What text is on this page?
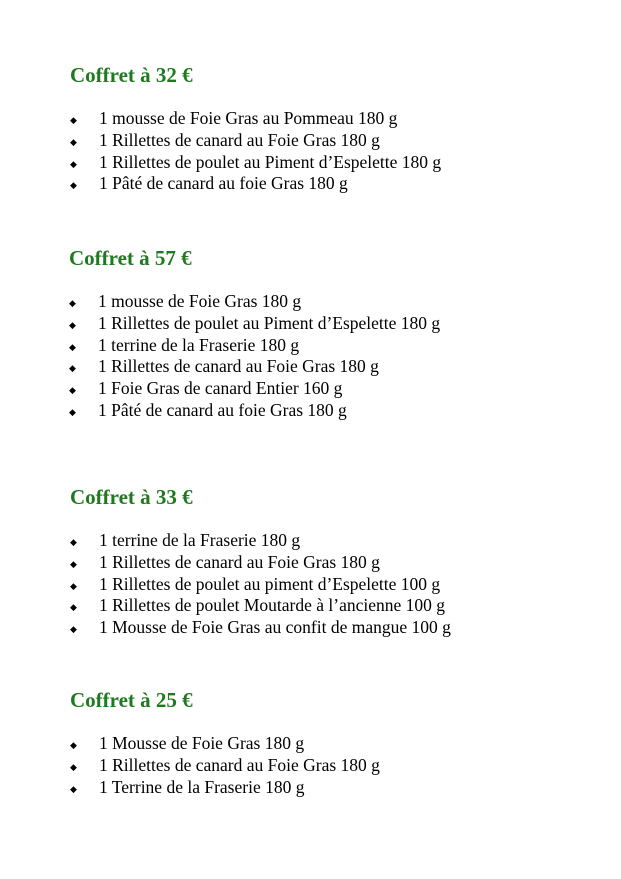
Coffret à 32 €
◆ 1 mousse de Foie Gras au Pommeau 180 g
◆ 1 Rillettes de canard au Foie Gras 180 g
◆ 1 Rillettes de poulet au Piment d’Espelette 180 g
◆ 1 Pâté de canard au foie Gras 180 g
Coffret à 57 €
◆ 1 mousse de Foie Gras 180 g
◆ 1 Rillettes de poulet au Piment d’Espelette 180 g
◆ 1 terrine de la Fraserie 180 g
◆ 1 Rillettes de canard au Foie Gras 180 g
◆ 1 Foie Gras de canard Entier 160 g
◆ 1 Pâté de canard au foie Gras 180 g
Coffret à 33 €
◆ 1 terrine de la Fraserie 180 g
◆ 1 Rillettes de canard au Foie Gras 180 g
◆ 1 Rillettes de poulet au piment d’Espelette 100 g
◆ 1 Rillettes de poulet Moutarde à l’ancienne 100 g
◆ 1 Mousse de Foie Gras au confit de mangue 100 g
Coffret à 25 €
◆ 1 Mousse de Foie Gras 180 g
◆ 1 Rillettes de canard au Foie Gras 180 g
◆ 1 Terrine de la Fraserie 180 g
